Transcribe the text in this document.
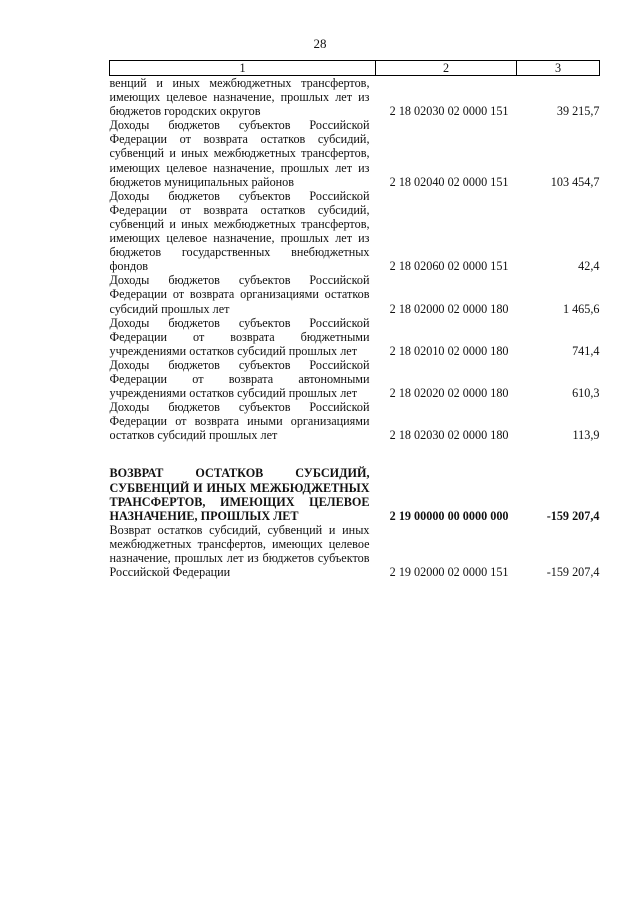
28
1	2	3
венций и иных межбюджетных трансфертов, имеющих целевое назначение, прошлых лет из бюджетов городских округов	2 18 02030 02 0000 151	39 215,7
Доходы бюджетов субъектов Российской Федерации от возврата остатков субсидий, субвенций и иных межбюджетных трансфертов, имеющих целевое назначение, прошлых лет из бюджетов муниципальных районов	2 18 02040 02 0000 151	103 454,7
Доходы бюджетов субъектов Российской Федерации от возврата остатков субсидий, субвенций и иных межбюджетных трансфертов, имеющих целевое назначение, прошлых лет из бюджетов государственных внебюджетных фондов	2 18 02060 02 0000 151	42,4
Доходы бюджетов субъектов Российской Федерации от возврата организациями остатков субсидий прошлых лет	2 18 02000 02 0000 180	1 465,6
Доходы бюджетов субъектов Российской Федерации от возврата бюджетными учреждениями остатков субсидий прошлых лет	2 18 02010 02 0000 180	741,4
Доходы бюджетов субъектов Российской Федерации от возврата автономными учреждениями остатков субсидий прошлых лет	2 18 02020 02 0000 180	610,3
Доходы бюджетов субъектов Российской Федерации от возврата иными организациями остатков субсидий прошлых лет	2 18 02030 02 0000 180	113,9

ВОЗВРАТ ОСТАТКОВ СУБСИДИЙ, СУБВЕНЦИЙ И ИНЫХ МЕЖБЮДЖЕТНЫХ ТРАНСФЕРТОВ, ИМЕЮЩИХ ЦЕЛЕВОЕ НАЗНАЧЕНИЕ, ПРОШЛЫХ ЛЕТ	2 19 00000 00 0000 000	-159 207,4
Возврат остатков субсидий, субвенций и иных межбюджетных трансфертов, имеющих целевое назначение, прошлых лет из бюджетов субъектов Российской Федерации	2 19 02000 02 0000 151	-159 207,4
